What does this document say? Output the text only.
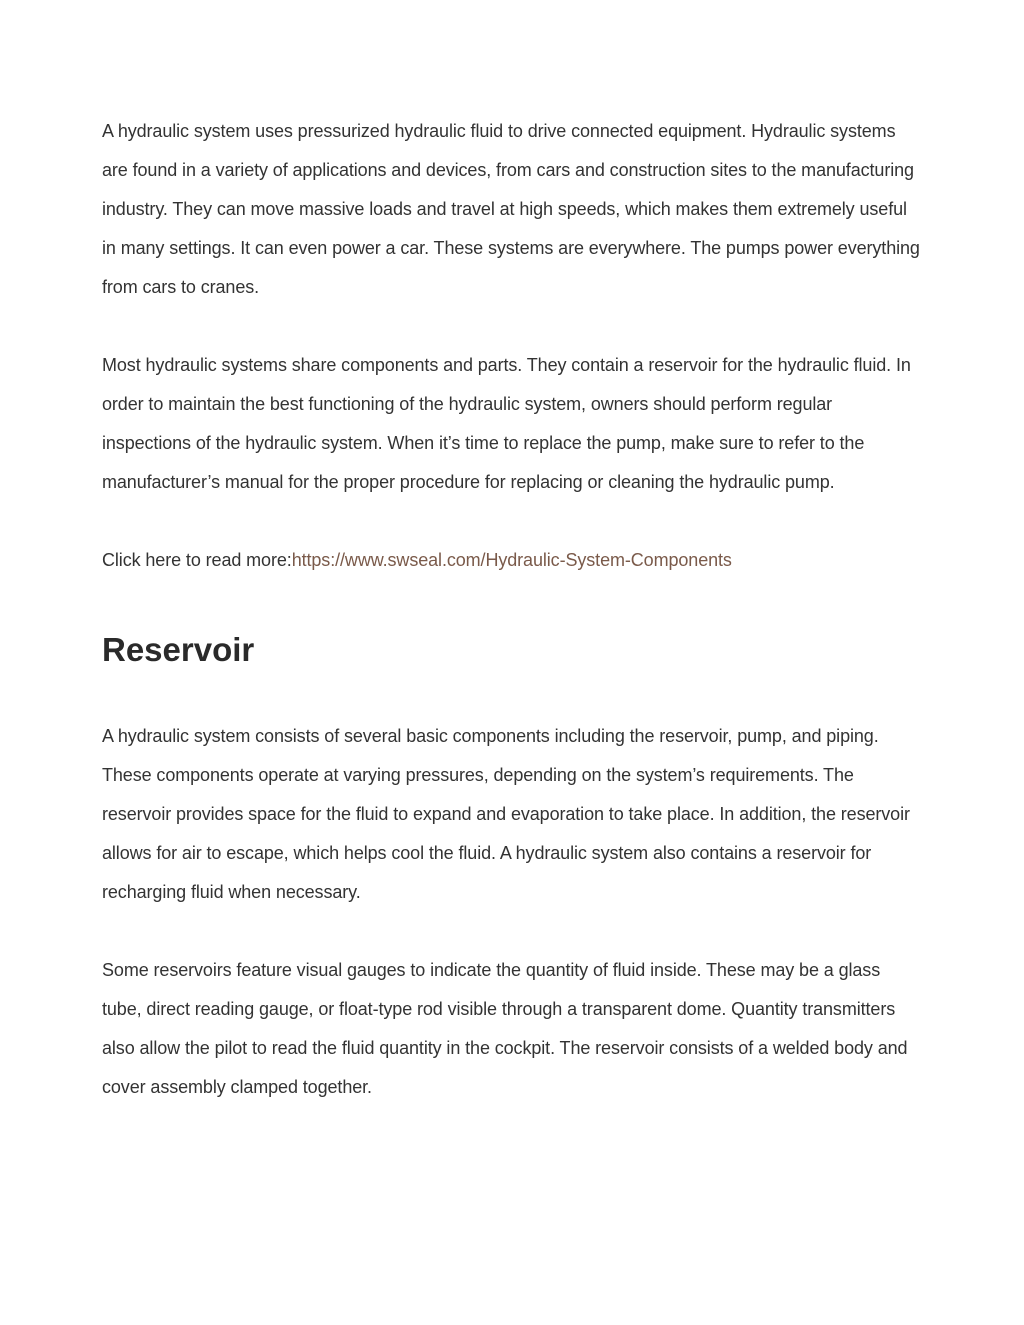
A hydraulic system uses pressurized hydraulic fluid to drive connected equipment. Hydraulic systems are found in a variety of applications and devices, from cars and construction sites to the manufacturing industry. They can move massive loads and travel at high speeds, which makes them extremely useful in many settings. It can even power a car. These systems are everywhere. The pumps power everything from cars to cranes.

Most hydraulic systems share components and parts. They contain a reservoir for the hydraulic fluid. In order to maintain the best functioning of the hydraulic system, owners should perform regular inspections of the hydraulic system. When it’s time to replace the pump, make sure to refer to the manufacturer’s manual for the proper procedure for replacing or cleaning the hydraulic pump.

Click here to read more:https://www.swseal.com/Hydraulic-System-Components

Reservoir

A hydraulic system consists of several basic components including the reservoir, pump, and piping. These components operate at varying pressures, depending on the system’s requirements. The reservoir provides space for the fluid to expand and evaporation to take place. In addition, the reservoir allows for air to escape, which helps cool the fluid. A hydraulic system also contains a reservoir for recharging fluid when necessary.

Some reservoirs feature visual gauges to indicate the quantity of fluid inside. These may be a glass tube, direct reading gauge, or float-type rod visible through a transparent dome. Quantity transmitters also allow the pilot to read the fluid quantity in the cockpit. The reservoir consists of a welded body and cover assembly clamped together.
